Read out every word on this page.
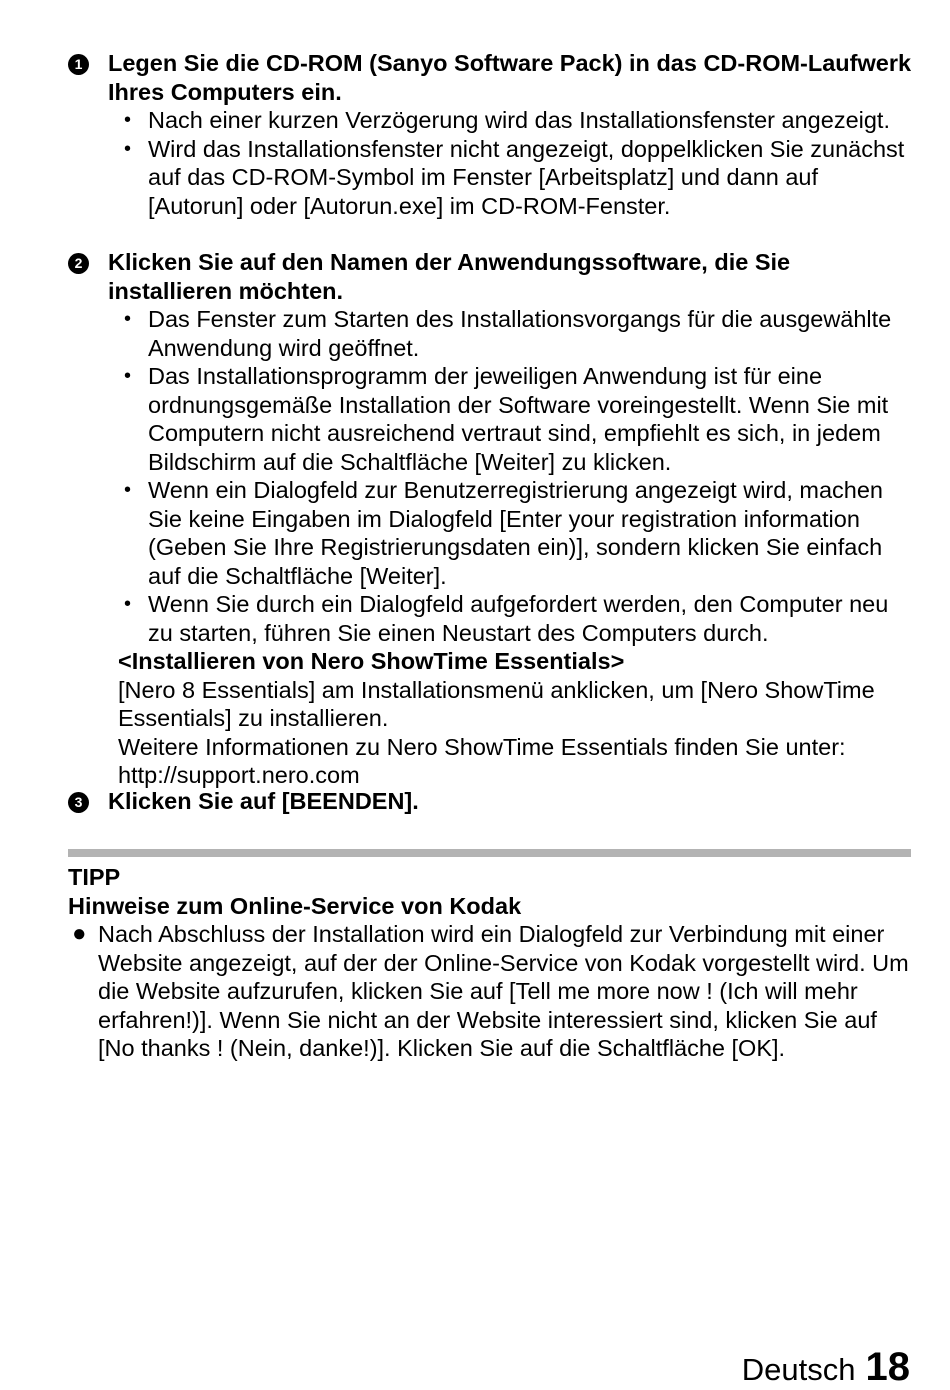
1 Legen Sie die CD-ROM (Sanyo Software Pack) in das CD-ROM-Laufwerk Ihres Computers ein.

• Nach einer kurzen Verzögerung wird das Installationsfenster angezeigt.
• Wird das Installationsfenster nicht angezeigt, doppelklicken Sie zunächst auf das CD-ROM-Symbol im Fenster [Arbeitsplatz] und dann auf [Autorun] oder [Autorun.exe] im CD-ROM-Fenster.
2 Klicken Sie auf den Namen der Anwendungssoftware, die Sie installieren möchten.

• Das Fenster zum Starten des Installationsvorgangs für die ausgewählte Anwendung wird geöffnet.
• Das Installationsprogramm der jeweiligen Anwendung ist für eine ordnungsgemäße Installation der Software voreingestellt. Wenn Sie mit Computern nicht ausreichend vertraut sind, empfiehlt es sich, in jedem Bildschirm auf die Schaltfläche [Weiter] zu klicken.
• Wenn ein Dialogfeld zur Benutzerregistrierung angezeigt wird, machen Sie keine Eingaben im Dialogfeld [Enter your registration information (Geben Sie Ihre Registrierungsdaten ein)], sondern klicken Sie einfach auf die Schaltfläche [Weiter].
• Wenn Sie durch ein Dialogfeld aufgefordert werden, den Computer neu zu starten, führen Sie einen Neustart des Computers durch.
<Installieren von Nero ShowTime Essentials>
[Nero 8 Essentials] am Installationsmenü anklicken, um [Nero ShowTime Essentials] zu installieren.
Weitere Informationen zu Nero ShowTime Essentials finden Sie unter:
http://support.nero.com
3 Klicken Sie auf [BEENDEN].

TIPP
Hinweise zum Online-Service von Kodak
● Nach Abschluss der Installation wird ein Dialogfeld zur Verbindung mit einer Website angezeigt, auf der der Online-Service von Kodak vorgestellt wird. Um die Website aufzurufen, klicken Sie auf [Tell me more now ! (Ich will mehr erfahren!)]. Wenn Sie nicht an der Website interessiert sind, klicken Sie auf [No thanks ! (Nein, danke!)]. Klicken Sie auf die Schaltfläche [OK].
Deutsch 18
